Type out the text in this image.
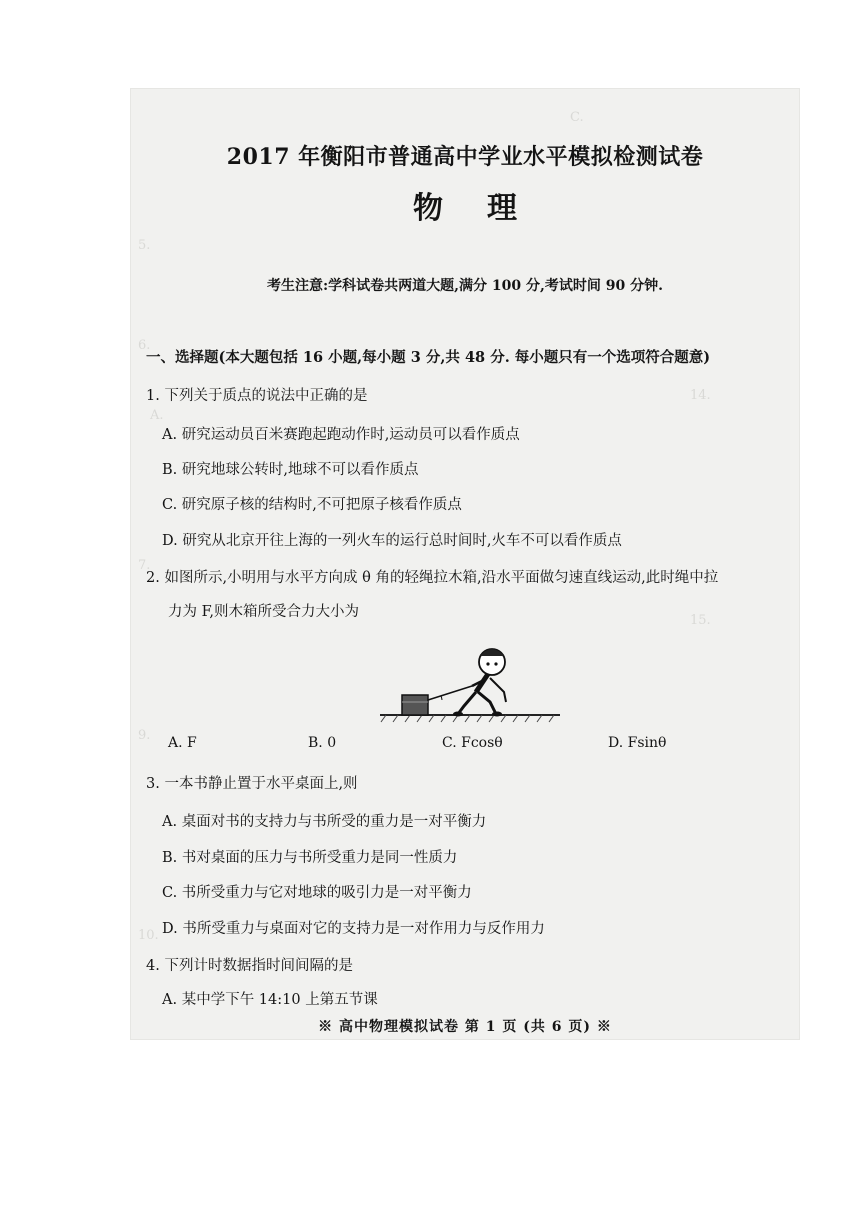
C.
5.
6.
A.
7.
9.
10.
14.
15.
2017 年衡阳市普通高中学业水平模拟检测试卷
物理
考生注意:学科试卷共两道大题,满分 100 分,考试时间 90 分钟.
一、选择题(本大题包括 16 小题,每小题 3 分,共 48 分. 每小题只有一个选项符合题意)
1. 下列关于质点的说法中正确的是
A. 研究运动员百米赛跑起跑动作时,运动员可以看作质点
B. 研究地球公转时,地球不可以看作质点
C. 研究原子核的结构时,不可把原子核看作质点
D. 研究从北京开往上海的一列火车的运行总时间时,火车不可以看作质点
2. 如图所示,小明用与水平方向成 θ 角的轻绳拉木箱,沿水平面做匀速直线运动,此时绳中拉
力为 F,则木箱所受合力大小为
A. F	B. 0	C. Fcosθ	D. Fsinθ
3. 一本书静止置于水平桌面上,则
A. 桌面对书的支持力与书所受的重力是一对平衡力
B. 书对桌面的压力与书所受重力是同一性质力
C. 书所受重力与它对地球的吸引力是一对平衡力
D. 书所受重力与桌面对它的支持力是一对作用力与反作用力
4. 下列计时数据指时间间隔的是
A. 某中学下午 14:10 上第五节课
※ 高中物理模拟试卷 第 1 页 (共 6 页) ※
